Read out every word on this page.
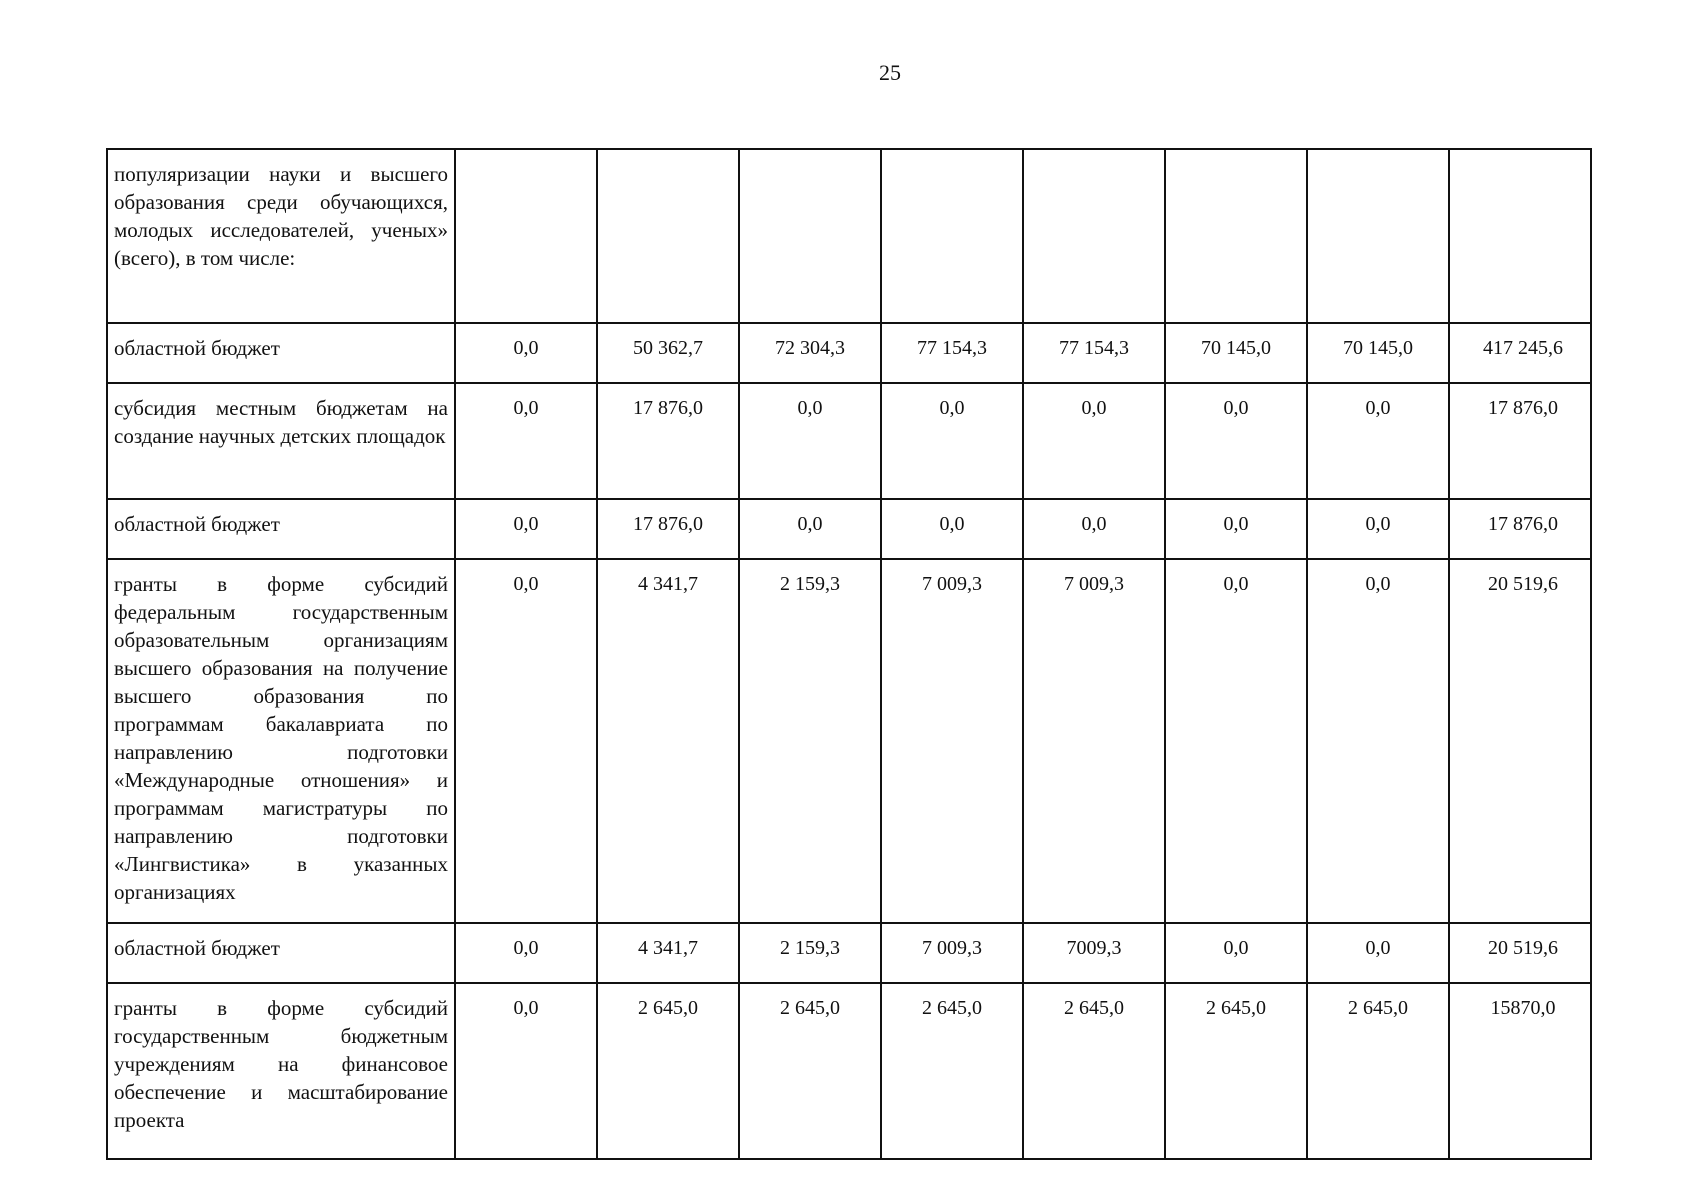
25
популяризации науки и высшего образования среди обучающихся, молодых исследователей, ученых» (всего), в том числе:								
областной бюджет	0,0	50 362,7	72 304,3	77 154,3	77 154,3	70 145,0	70 145,0	417 245,6
субсидия местным бюджетам на создание научных детских площадок	0,0	17 876,0	0,0	0,0	0,0	0,0	0,0	17 876,0
областной бюджет	0,0	17 876,0	0,0	0,0	0,0	0,0	0,0	17 876,0
гранты в форме субсидий федеральным государственным образовательным организациям высшего образования на получение высшего образования по программам бакалавриата по направлению подготовки «Международные отношения» и программам магистратуры по направлению подготовки «Лингвистика» в указанных организациях	0,0	4 341,7	2 159,3	7 009,3	7 009,3	0,0	0,0	20 519,6
областной бюджет	0,0	4 341,7	2 159,3	7 009,3	7009,3	0,0	0,0	20 519,6
гранты в форме субсидий государственным бюджетным учреждениям на финансовое обеспечение и масштабирование проекта	0,0	2 645,0	2 645,0	2 645,0	2 645,0	2 645,0	2 645,0	15870,0
